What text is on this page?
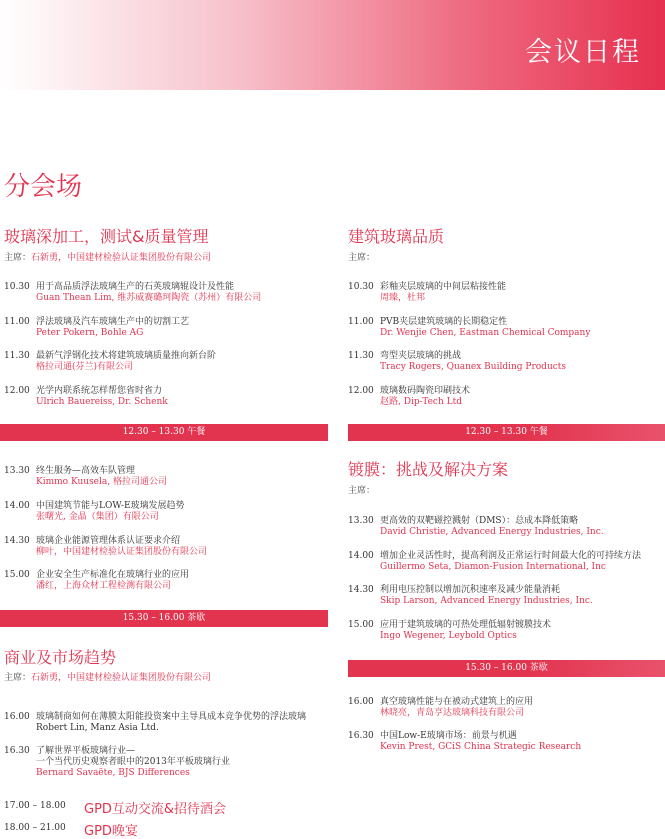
会议日程
分会场
玻璃深加工，测试&质量管理
主席：石新勇，中国建材检验认证集团股份有限公司
10.30 用于高品质浮法玻璃生产的石英玻璃辊设计及性能
Guan Thean Lim, 维苏威赛璐珂陶瓷（苏州）有限公司
11.00 浮法玻璃及汽车玻璃生产中的切割工艺
Peter Pokern, Bohle AG
11.30 最新气浮钢化技术将建筑玻璃质量推向新台阶
格拉司通(芬兰)有限公司
12.00 光学内联系统怎样帮您省时省力
Ulrich Bauereiss, Dr. Schenk
12.30 – 13.30 午餐
13.30 终生服务—高效车队管理
Kimmo Kuusela, 格拉司通公司
14.00 中国建筑节能与LOW-E玻璃发展趋势
张曙光, 金晶（集团）有限公司
14.30 玻璃企业能源管理体系认证要求介绍
柳叶，中国建材检验认证集团股份有限公司
15.00 企业安全生产标准化在玻璃行业的应用
潘红，上海众材工程检测有限公司
15.30 – 16.00 茶歇
商业及市场趋势
主席：石新勇，中国建材检验认证集团股份有限公司
16.00 玻璃制商如何在薄膜太阳能投资案中主导具成本竞争优势的浮法玻璃
Robert Lin, Manz Asia Ltd.
16.30 了解世界平板玻璃行业—
一个当代历史观察者眼中的2013年平板玻璃行业
Bernard Savaëte, BJS Differences
17.00 – 18.00 GPD互动交流&招待酒会
18.00 – 21.00 GPD晚宴
建筑玻璃品质
主席：
10.30 彩釉夹层玻璃的中间层粘接性能
周臻，杜邦
11.00 PVB夹层建筑玻璃的长期稳定性
Dr. Wenjie Chen, Eastman Chemical Company
11.30 弯型夹层玻璃的挑战
Tracy Rogers, Quanex Building Products
12.00 玻璃数码陶瓷印刷技术
赵路, Dip-Tech Ltd
12.30 – 13.30 午餐
镀膜：挑战及解决方案
主席：
13.30 更高效的双靶磁控溅射（DMS）：总成本降低策略
David Christie, Advanced Energy Industries, Inc.
14.00 增加企业灵活性时，提高利润及正常运行时间最大化的可持续方法
Guillermo Seta, Diamon-Fusion International, Inc
14.30 利用电压控制以增加沉积速率及减少能量消耗
Skip Larson, Advanced Energy Industries, Inc.
15.00 应用于建筑玻璃的可热处理低辐射镀膜技术
Ingo Wegener, Leybold Optics
15.30 – 16.00 茶歇
16.00 真空玻璃性能与在被动式建筑上的应用
林晓亮，青岛亨达玻璃科技有限公司
16.30 中国Low-E玻璃市场：前景与机遇
Kevin Prest, GCiS China Strategic Research
